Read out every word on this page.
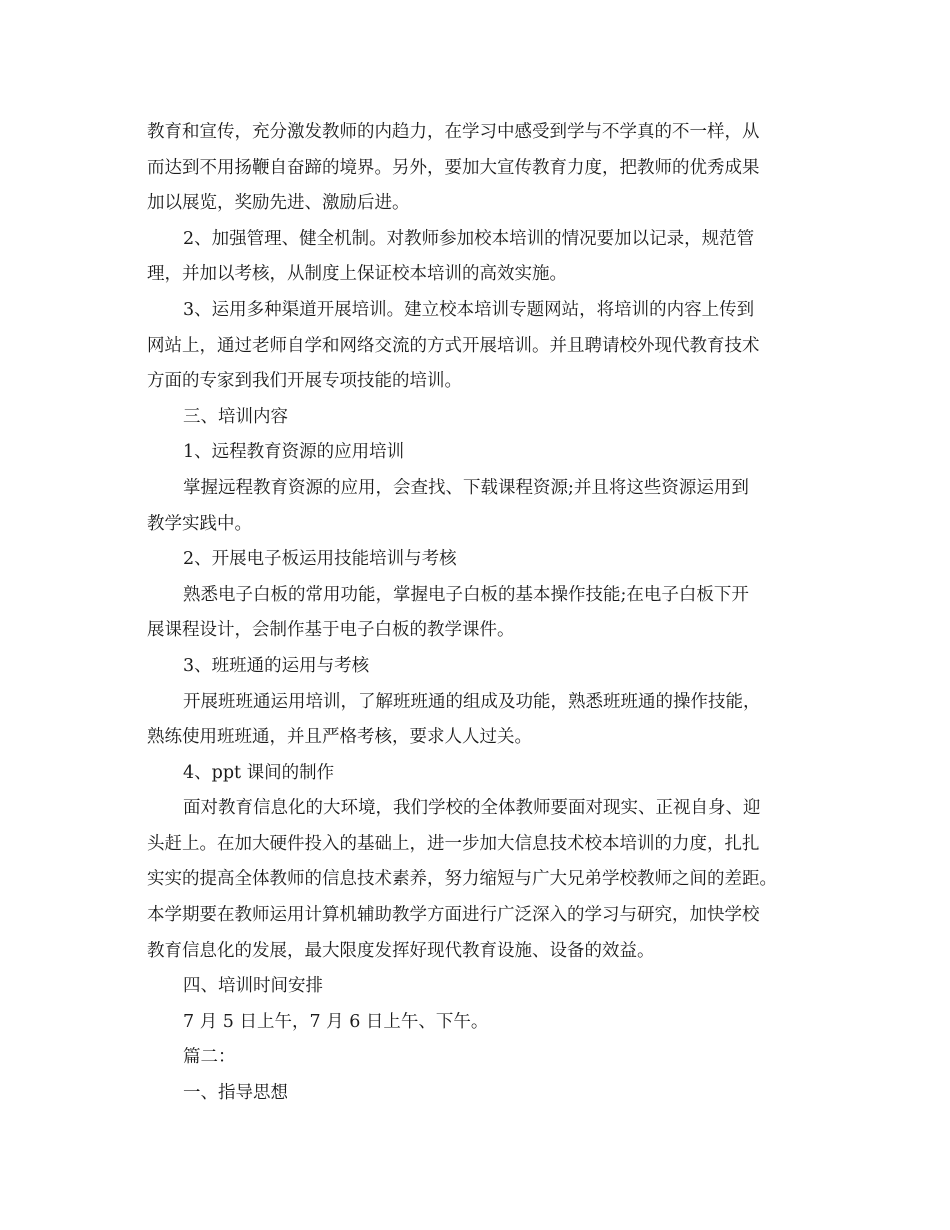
教育和宣传，充分激发教师的内趋力，在学习中感受到学与不学真的不一样，从
而达到不用扬鞭自奋蹄的境界。另外，要加大宣传教育力度，把教师的优秀成果
加以展览，奖励先进、激励后进。
2、加强管理、健全机制。对教师参加校本培训的情况要加以记录，规范管
理，并加以考核，从制度上保证校本培训的高效实施。
3、运用多种渠道开展培训。建立校本培训专题网站，将培训的内容上传到
网站上，通过老师自学和网络交流的方式开展培训。并且聘请校外现代教育技术
方面的专家到我们开展专项技能的培训。
三、培训内容
1、远程教育资源的应用培训
掌握远程教育资源的应用，会查找、下载课程资源;并且将这些资源运用到
教学实践中。
2、开展电子板运用技能培训与考核
熟悉电子白板的常用功能，掌握电子白板的基本操作技能;在电子白板下开
展课程设计，会制作基于电子白板的教学课件。
3、班班通的运用与考核
开展班班通运用培训，了解班班通的组成及功能，熟悉班班通的操作技能，
熟练使用班班通，并且严格考核，要求人人过关。
4、ppt 课间的制作
面对教育信息化的大环境，我们学校的全体教师要面对现实、正视自身、迎
头赶上。在加大硬件投入的基础上，进一步加大信息技术校本培训的力度，扎扎
实实的提高全体教师的信息技术素养，努力缩短与广大兄弟学校教师之间的差距。
本学期要在教师运用计算机辅助教学方面进行广泛深入的学习与研究，加快学校
教育信息化的发展，最大限度发挥好现代教育设施、设备的效益。
四、培训时间安排
7 月 5 日上午，7 月 6 日上午、下午。
篇二：
一、指导思想
